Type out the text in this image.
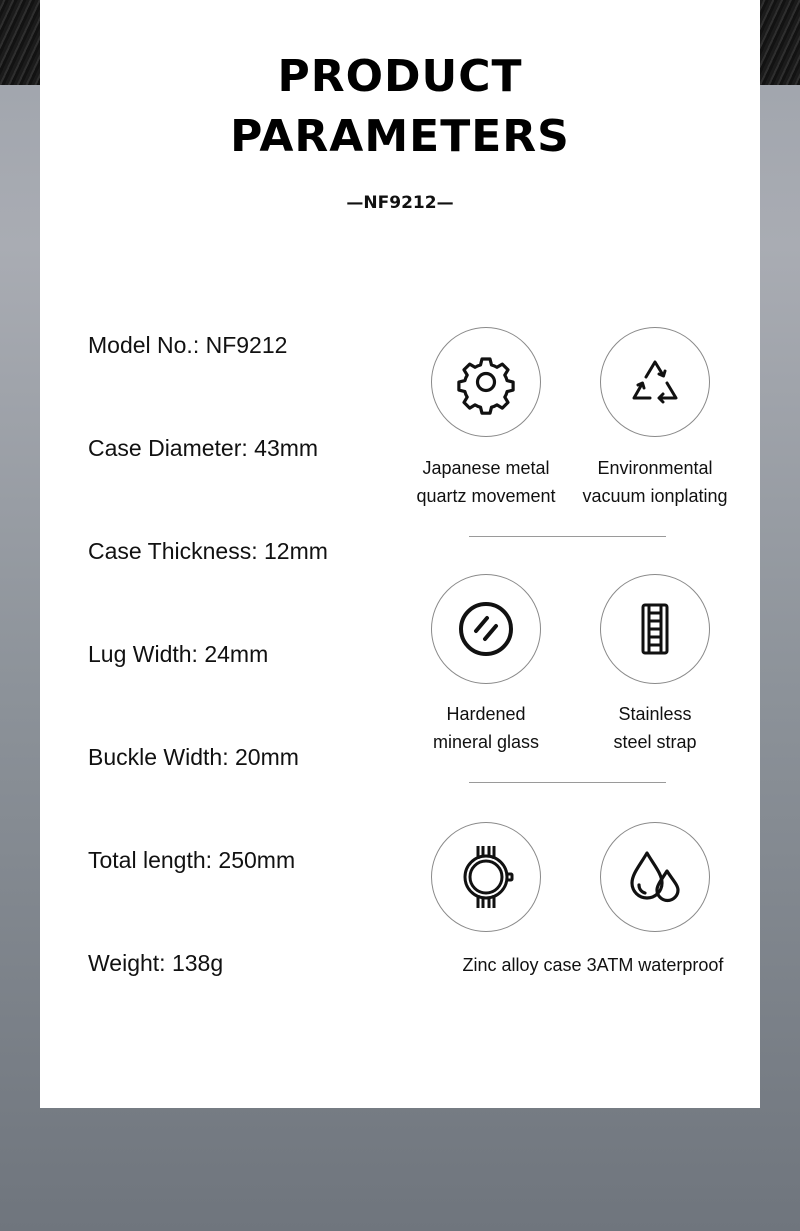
PRODUCT
PARAMETERS
—NF9212—
Model No.: NF9212
Case Diameter: 43mm
Case Thickness: 12mm
Lug Width: 24mm
Buckle Width: 20mm
Total length: 250mm
Weight: 138g
Japanese metal
quartz movement
Environmental
vacuum ionplating
Hardened
mineral glass
Stainless
steel strap
Zinc alloy case 3ATM waterproof
